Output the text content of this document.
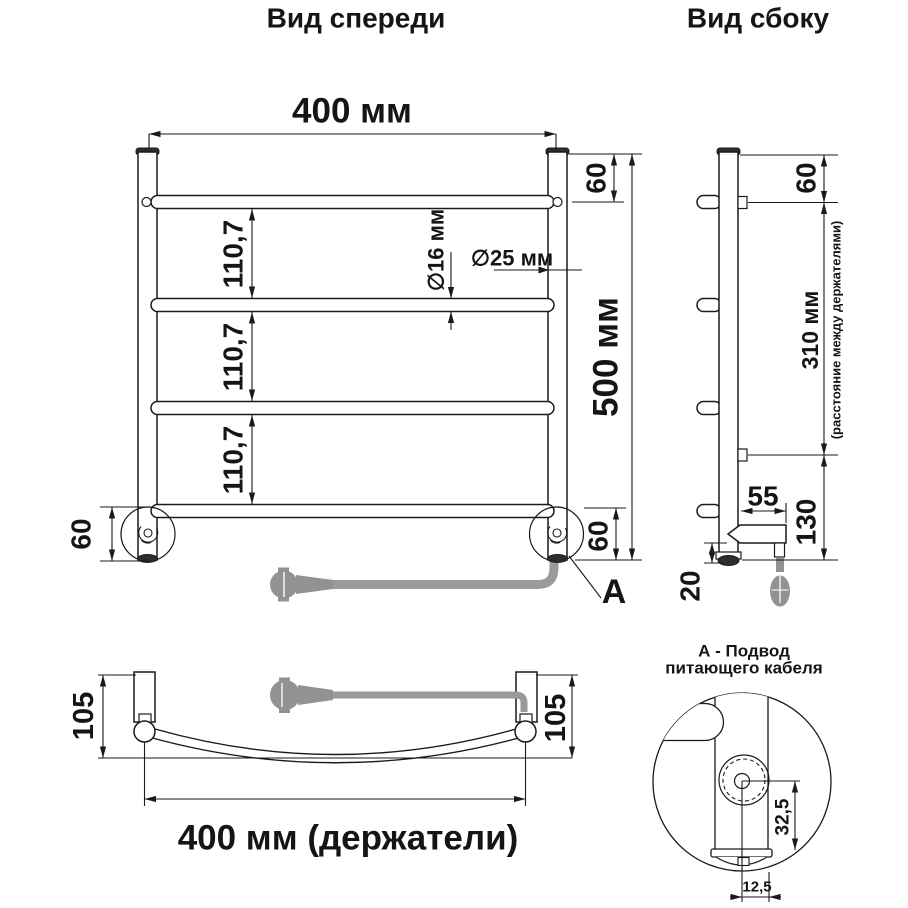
Вид спереди	Вид сбоку
400 мм
60
500 мм
110,7
110,7
110,7
∅16 мм ∅25 мм
60	60
А
60
310 мм (расстояние между держателями)
130
55
20
105	105
400 мм (держатели)
А - Подвод
питающего кабеля
32,5
12,5
